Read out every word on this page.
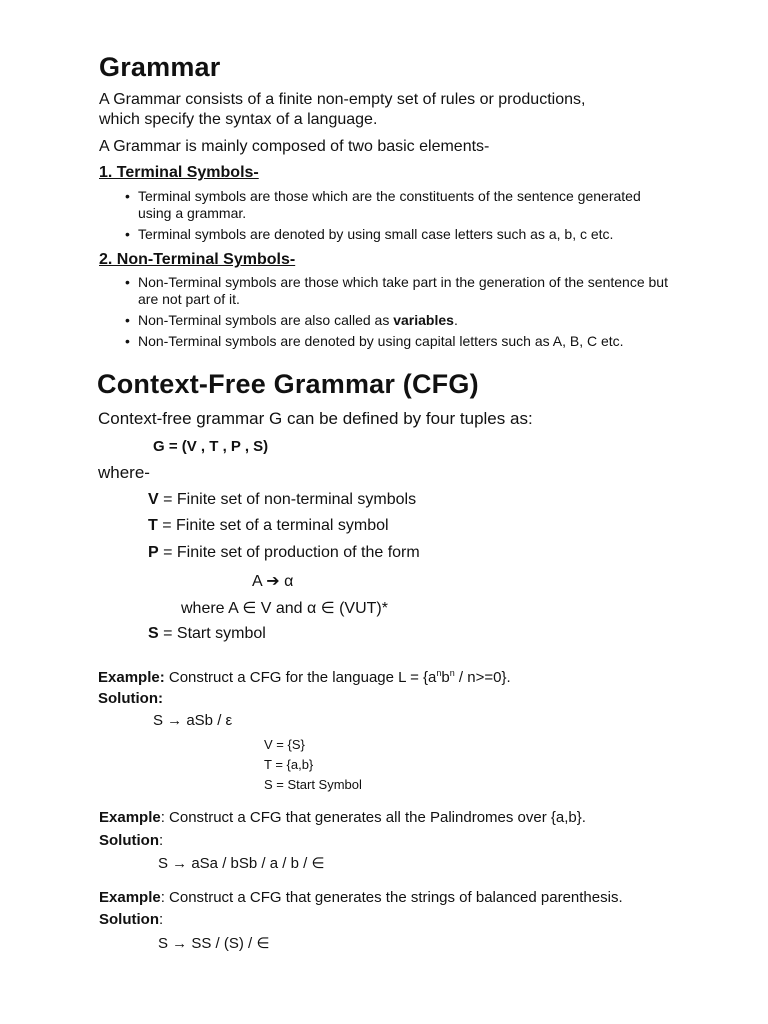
Grammar
A Grammar consists of a finite non-empty set of rules or productions,
which specify the syntax of a language.
A Grammar is mainly composed of two basic elements-
1. Terminal Symbols-
• Terminal symbols are those which are the constituents of the sentence generated using a grammar.
• Terminal symbols are denoted by using small case letters such as a, b, c etc.
2. Non-Terminal Symbols-
• Non-Terminal symbols are those which take part in the generation of the sentence but are not part of it.
• Non-Terminal symbols are also called as variables.
• Non-Terminal symbols are denoted by using capital letters such as A, B, C etc.
Context-Free Grammar (CFG)
Context-free grammar G can be defined by four tuples as:
G = (V , T , P , S)
where-
V = Finite set of non-terminal symbols
T = Finite set of a terminal symbol
P = Finite set of production of the form
A ➔ α
where A ∈ V and α ∈ (VUT)*
S = Start symbol
Example: Construct a CFG for the language $L = \{a^nb^n / n>=0\}$.
Solution:
S → aSb / ε
V = {S}
T = {a,b}
S = Start Symbol
Example: Construct a CFG that generates all the Palindromes over {a,b}.
Solution:
S → aSa / bSb / a / b / ∈
Example: Construct a CFG that generates the strings of balanced parenthesis.
Solution:
S → SS / (S) / ∈
